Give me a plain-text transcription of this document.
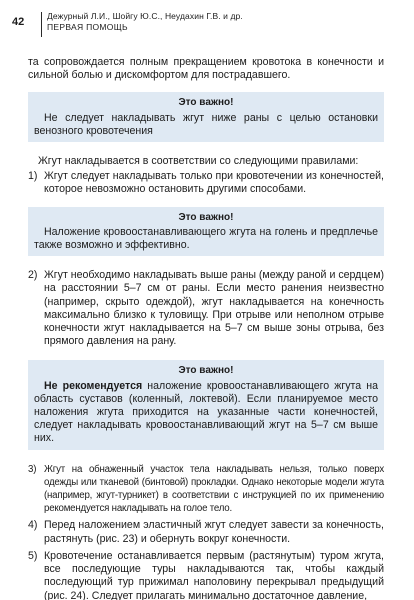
42	Дежурный Л.И., Шойгу Ю.С., Неудахин Г.В. и др.
ПЕРВАЯ ПОМОЩЬ

та сопровождается полным прекращением кровотока в конечности и сильной болью и дискомфортом для пострадавшего.

Это важно!
Не следует накладывать жгут ниже раны с целью остановки венозного кровотечения

Жгут накладывается в соответствии со следующими правилами:

1) Жгут следует накладывать только при кровотечении из конечностей, которое невозможно остановить другими способами.
Это важно!
Наложение кровоостанавливающего жгута на голень и предплечье также возможно и эффективно.
2) Жгут необходимо накладывать выше раны (между раной и сердцем) на расстоянии 5–7 см от раны. Если место ранения неизвестно (например, скрыто одеждой), жгут накладывается на конечность максимально близко к туловищу. При отрыве или неполном отрыве конечности жгут накладывается на 5–7 см выше зоны отрыва, без прямого давления на рану.
Это важно!
Не рекомендуется наложение кровоостанавливающего жгута на область суставов (коленный, локтевой). Если планируемое место наложения жгута приходится на указанные части конечностей, следует накладывать кровоостанавливающий жгут на 5–7 см выше них.
3) Жгут на обнаженный участок тела накладывать нельзя, только поверх одежды или тканевой (бинтовой) прокладки. Однако некоторые модели жгута (например, жгут-турникет) в соответствии с инструкцией по их применению рекомендуется накладывать на голое тело.
4) Перед наложением эластичный жгут следует завести за конечность, растянуть (рис. 23) и обернуть вокруг конечности.
5) Кровотечение останавливается первым (растянутым) туром жгута, все последующие туры накладываются так, чтобы каждый последующий тур прижимал наполовину перекрывал предыдущий (рис. 24). Следует прилагать минимально достаточное давление,
